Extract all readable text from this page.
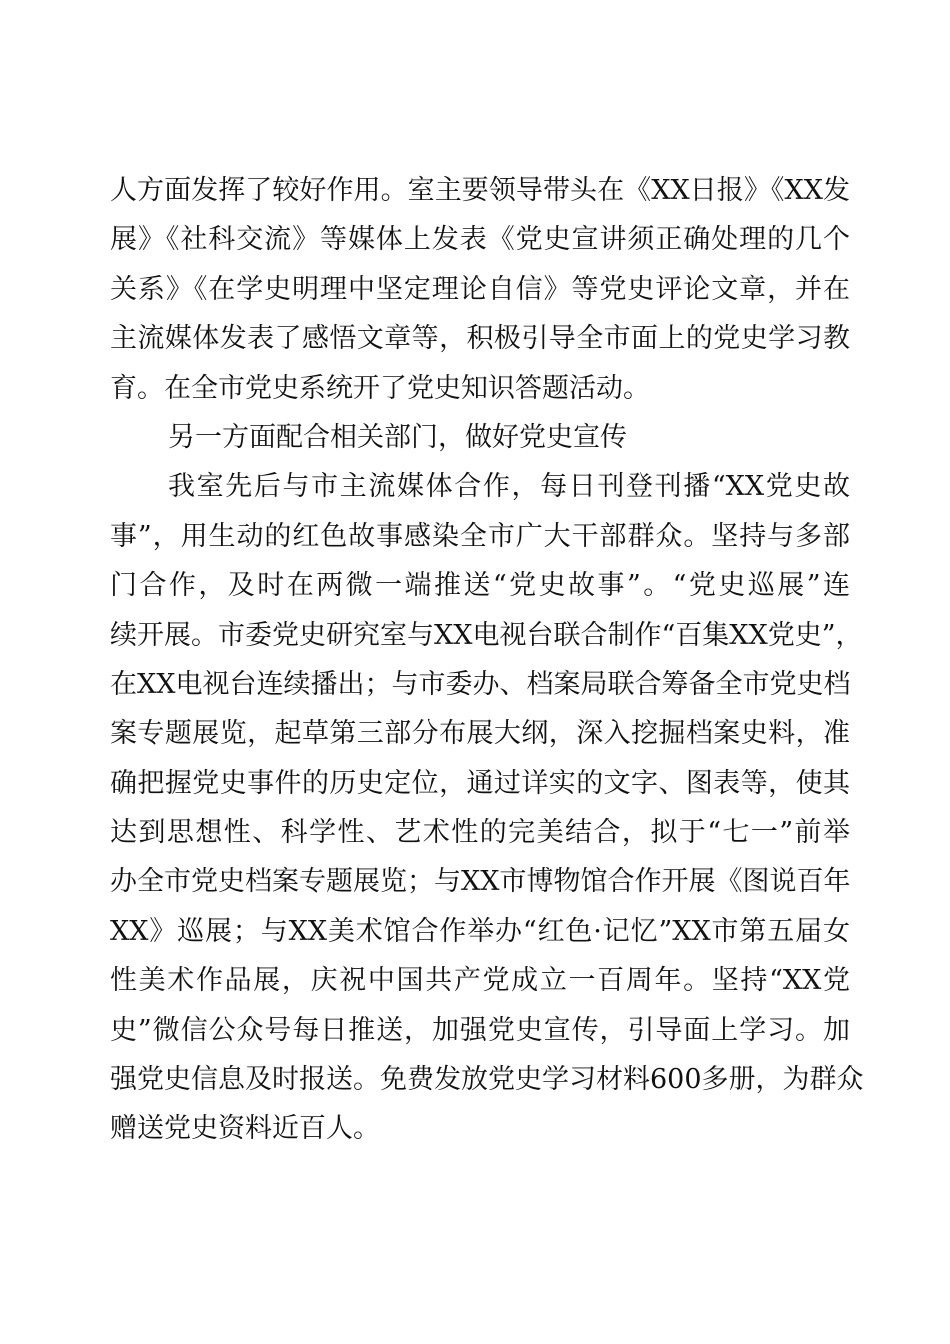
人方面发挥了较好作用。室主要领导带头在《XX日报》《XX发
展》《社科交流》等媒体上发表《党史宣讲须正确处理的几个
关系》《在学史明理中坚定理论自信》等党史评论文章，并在
主流媒体发表了感悟文章等，积极引导全市面上的党史学习教
育。在全市党史系统开了党史知识答题活动。
另一方面配合相关部门，做好党史宣传
我室先后与市主流媒体合作，每日刊登刊播“XX党史故
事”，用生动的红色故事感染全市广大干部群众。坚持与多部
门合作，及时在两微一端推送“党史故事”。“党史巡展”连
续开展。市委党史研究室与XX电视台联合制作“百集XX党史”，
在XX电视台连续播出；与市委办、档案局联合筹备全市党史档
案专题展览，起草第三部分布展大纲，深入挖掘档案史料，准
确把握党史事件的历史定位，通过详实的文字、图表等，使其
达到思想性、科学性、艺术性的完美结合，拟于“七一”前举
办全市党史档案专题展览；与XX市博物馆合作开展《图说百年
XX》巡展；与XX美术馆合作举办“红色·记忆”XX市第五届女
性美术作品展，庆祝中国共产党成立一百周年。坚持“XX党
史”微信公众号每日推送，加强党史宣传，引导面上学习。加
强党史信息及时报送。免费发放党史学习材料600多册，为群众
赠送党史资料近百人。
